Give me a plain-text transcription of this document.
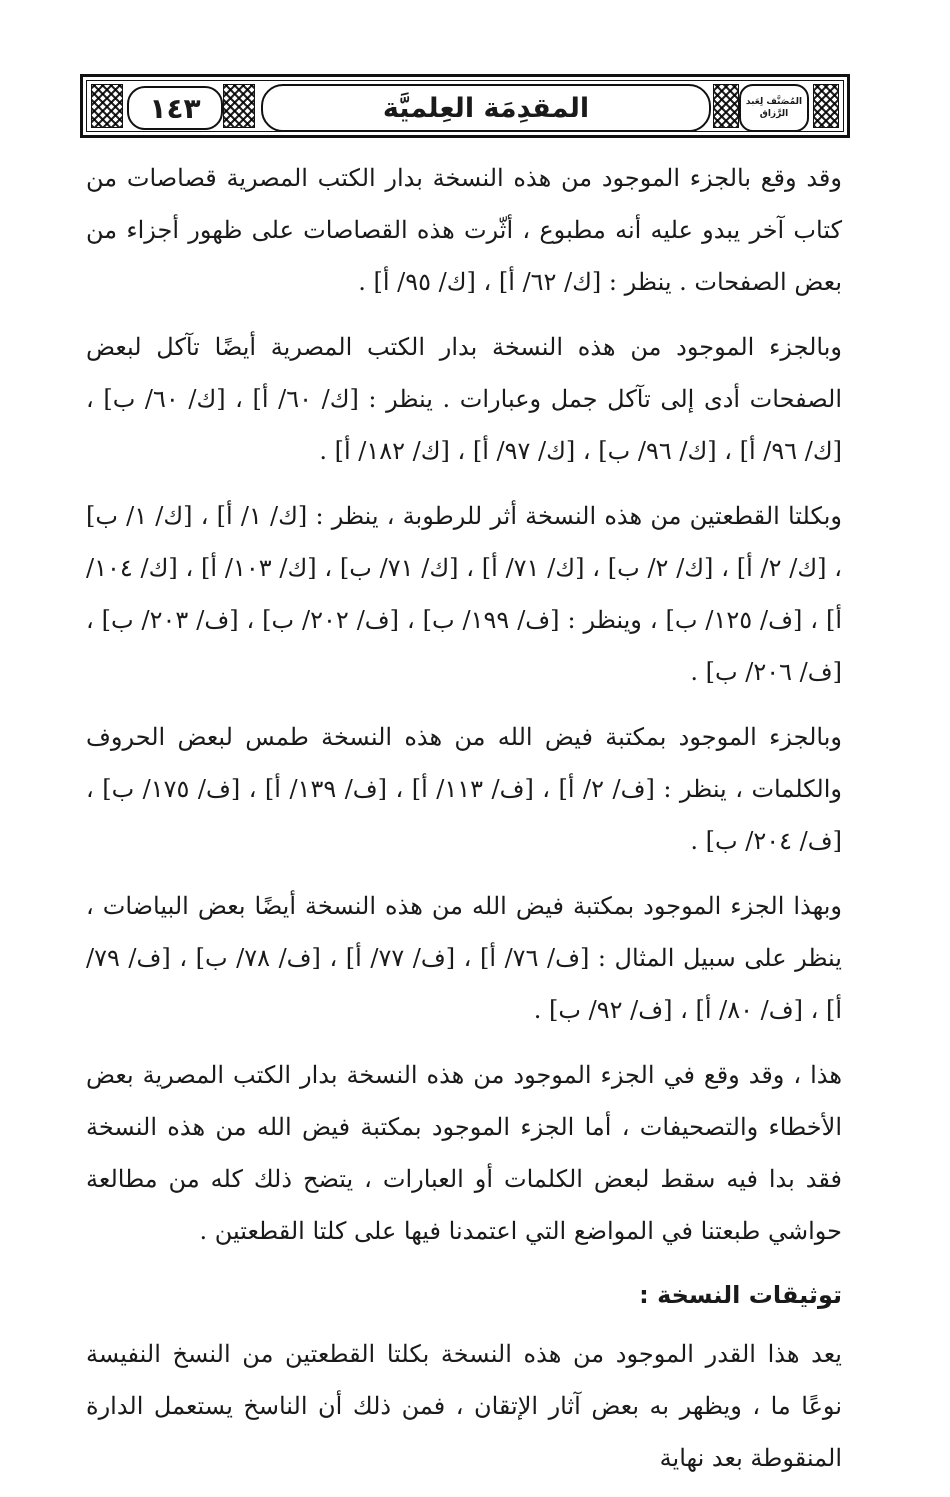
١٤٣	المقدِمَة العِلميَّة	المُصَنَّف لِعَبد الرَّزاق

وقد وقع بالجزء الموجود من هذه النسخة بدار الكتب المصرية قصاصات من كتاب آخر يبدو عليه أنه مطبوع ، أثّرت هذه القصاصات على ظهور أجزاء من بعض الصفحات . ينظر : [ك/ ٦٢/ أ] ، [ك/ ٩٥/ أ] .

وبالجزء الموجود من هذه النسخة بدار الكتب المصرية أيضًا تآكل لبعض الصفحات أدى إلى تآكل جمل وعبارات . ينظر : [ك/ ٦٠/ أ] ، [ك/ ٦٠/ ب] ، [ك/ ٩٦/ أ] ، [ك/ ٩٦/ ب] ، [ك/ ٩٧/ أ] ، [ك/ ١٨٢/ أ] .

وبكلتا القطعتين من هذه النسخة أثر للرطوبة ، ينظر : [ك/ ١/ أ] ، [ك/ ١/ ب] ، [ك/ ٢/ أ] ، [ك/ ٢/ ب] ، [ك/ ٧١/ أ] ، [ك/ ٧١/ ب] ، [ك/ ١٠٣/ أ] ، [ك/ ١٠٤/ أ] ، [ف/ ١٢٥/ ب] ، وينظر : [ف/ ١٩٩/ ب] ، [ف/ ٢٠٢/ ب] ، [ف/ ٢٠٣/ ب] ، [ف/ ٢٠٦/ ب] .

وبالجزء الموجود بمكتبة فيض الله من هذه النسخة طمس لبعض الحروف والكلمات ، ينظر : [ف/ ٢/ أ] ، [ف/ ١١٣/ أ] ، [ف/ ١٣٩/ أ] ، [ف/ ١٧٥/ ب] ، [ف/ ٢٠٤/ ب] .

وبهذا الجزء الموجود بمكتبة فيض الله من هذه النسخة أيضًا بعض البياضات ، ينظر على سبيل المثال : [ف/ ٧٦/ أ] ، [ف/ ٧٧/ أ] ، [ف/ ٧٨/ ب] ، [ف/ ٧٩/ أ] ، [ف/ ٨٠/ أ] ، [ف/ ٩٢/ ب] .

هذا ، وقد وقع في الجزء الموجود من هذه النسخة بدار الكتب المصرية بعض الأخطاء والتصحيفات ، أما الجزء الموجود بمكتبة فيض الله من هذه النسخة فقد بدا فيه سقط لبعض الكلمات أو العبارات ، يتضح ذلك كله من مطالعة حواشي طبعتنا في المواضع التي اعتمدنا فيها على كلتا القطعتين .

توثيقات النسخة :

يعد هذا القدر الموجود من هذه النسخة بكلتا القطعتين من النسخ النفيسة نوعًا ما ، ويظهر به بعض آثار الإتقان ، فمن ذلك أن الناسخ يستعمل الدارة المنقوطة بعد نهاية
